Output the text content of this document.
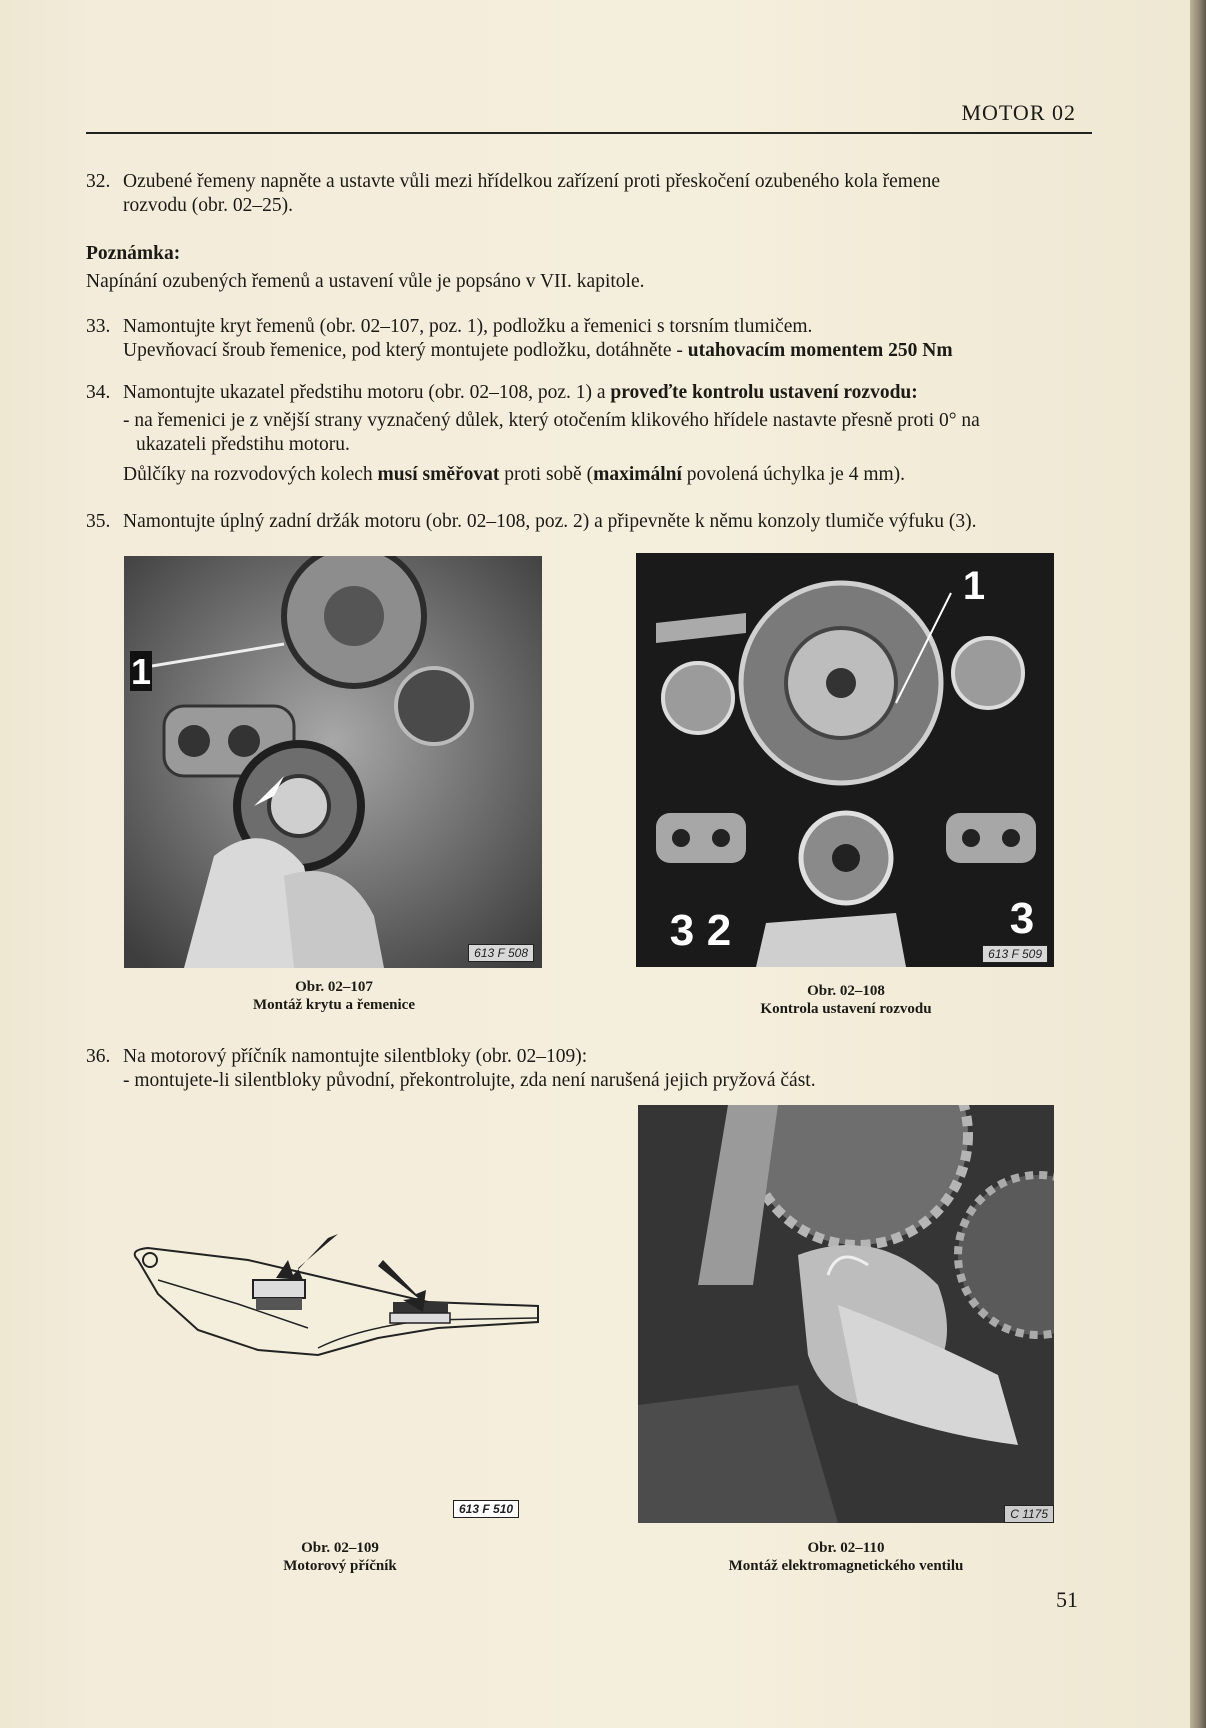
MOTOR 02
32. Ozubené řemeny napněte a ustavte vůli mezi hřídelkou zařízení proti přeskočení ozubeného kola řemene
rozvodu (obr. 02–25).
Poznámka:
Napínání ozubených řemenů a ustavení vůle je popsáno v VII. kapitole.
33. Namontujte kryt řemenů (obr. 02–107, poz. 1), podložku a řemenici s torsním tlumičem.
Upevňovací šroub řemenice, pod který montujete podložku, dotáhněte - utahovacím momentem 250 Nm
34. Namontujte ukazatel předstihu motoru (obr. 02–108, poz. 1) a proveďte kontrolu ustavení rozvodu:
- na řemenici je z vnější strany vyznačený důlek, který otočením klikového hřídele nastavte přesně proti 0° na
ukazateli předstihu motoru.
Důlčíky na rozvodových kolech musí směřovat proti sobě (maximální povolená úchylka je 4 mm).
35. Namontujte úplný zadní držák motoru (obr. 02–108, poz. 2) a připevněte k němu konzoly tlumiče výfuku (3).
1
613 F 508
Obr. 02–107
Montáž krytu a řemenice
1
2
3	3
613 F 509
Obr. 02–108
Kontrola ustavení rozvodu
36. Na motorový příčník namontujte silentbloky (obr. 02–109):
- montujete-li silentbloky původní, překontrolujte, zda není narušená jejich pryžová část.
613 F 510
Obr. 02–109
Motorový příčník
C 1175
Obr. 02–110
Montáž elektromagnetického ventilu
51
